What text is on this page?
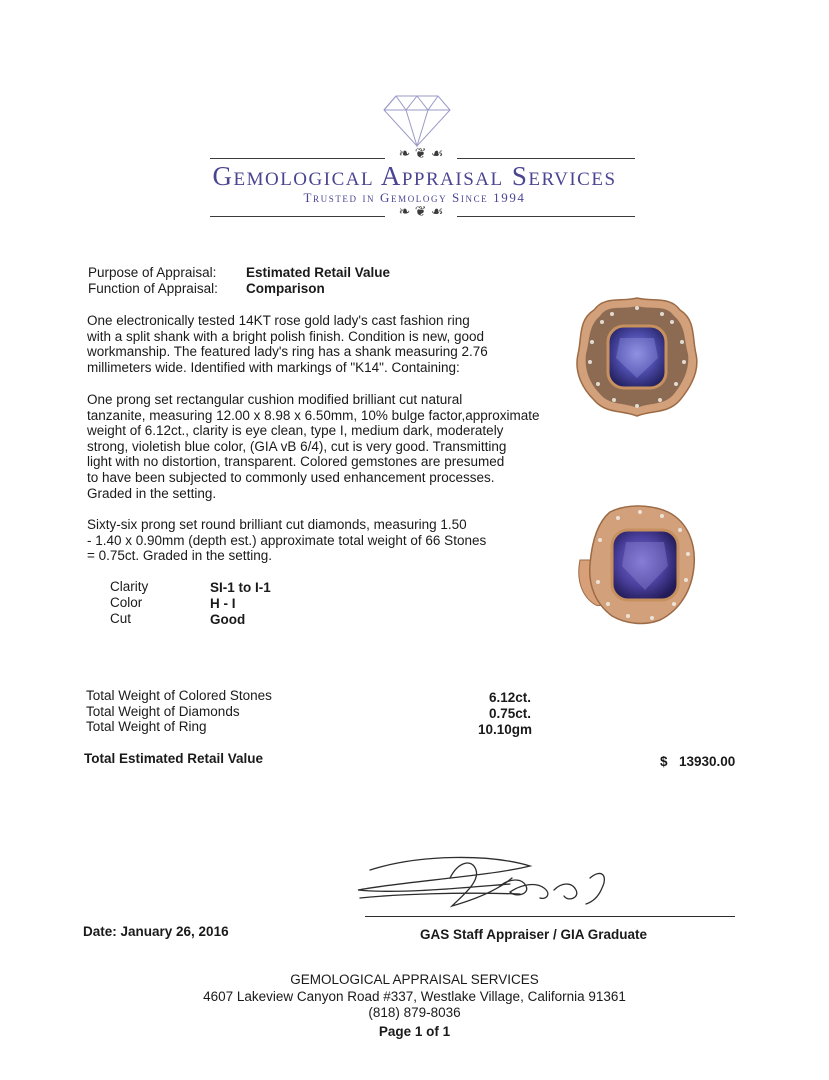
❧ ❦ ☙
Gemological Appraisal Services
Trusted in Gemology Since 1994
❧ ❦ ☙
Purpose of Appraisal: Estimated Retail Value
Function of Appraisal: Comparison
One electronically tested 14KT rose gold lady's cast fashion ring
with a split shank with a bright polish finish. Condition is new, good
workmanship. The featured lady's ring has a shank measuring 2.76
millimeters wide. Identified with markings of "K14". Containing:
One prong set rectangular cushion modified brilliant cut natural
tanzanite, measuring 12.00 x 8.98 x 6.50mm, 10% bulge factor,approximate
weight of 6.12ct., clarity is eye clean, type I, medium dark, moderately
strong, violetish blue color, (GIA vB 6/4), cut is very good. Transmitting
light with no distortion, transparent. Colored gemstones are presumed
to have been subjected to commonly used enhancement processes.
Graded in the setting.
Sixty-six prong set round brilliant cut diamonds, measuring 1.50
- 1.40 x 0.90mm (depth est.) approximate total weight of 66 Stones
= 0.75ct. Graded in the setting.
Clarity	SI-1 to I-1
Color	H - I
Cut	Good
Total Weight of Colored Stones	6.12ct.
Total Weight of Diamonds	0.75ct.
Total Weight of Ring	10.10gm
Total Estimated Retail Value	$ 13930.00
Date: January 26, 2016	GAS Staff Appraiser / GIA Graduate
GEMOLOGICAL APPRAISAL SERVICES
4607 Lakeview Canyon Road #337, Westlake Village, California 91361
(818) 879-8036
Page 1 of 1
